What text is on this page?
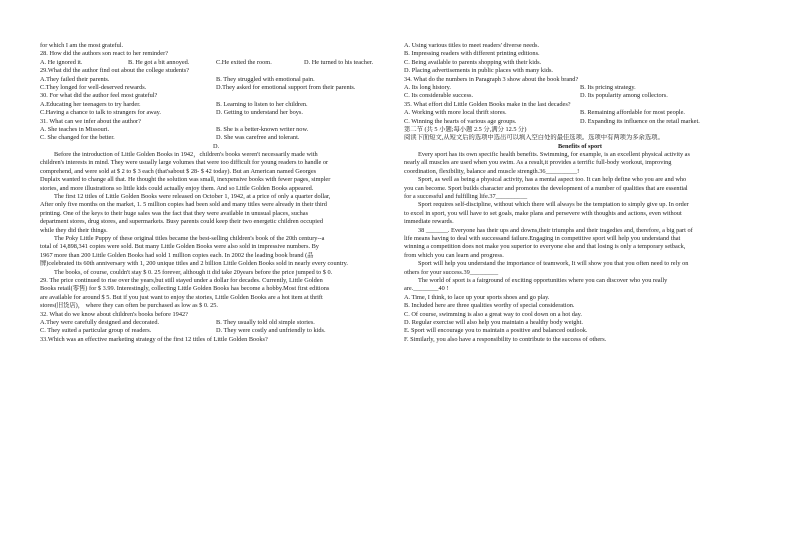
for which I am the most grateful.
28. How did the authors son react to her reminder?
A. He ignored it.	B. He got a bit annoyed.	C.He exited the room.	D. He turned to his teacher.
29.What did the author find out about the college students?
A.They failed their parents.	B. They struggled with emotional pain.
C.They longed for well-deserved rewards.	D.They asked for emotional support from their parents.
30. For what did the author feel most grateful?
A.Educating her teenagers to try harder.	B. Learning to listen to her children.
C.Having a chance to talk to strangers for away.	D. Getting to understand her boys.
31. What can we infer about the author?
A. She teaches in Missouri.	B. She is a better-known writer now.
C. She changed for the better.	D. She was carefree and tolerant.
D.
Before the introduction of Little Golden Books in 1942，children's books weren't necessarily made with
children's interests in mind. They were usually large volumes that were too difficult for young readers to handle or
comprehend, and were sold at $ 2 to $ 3 each (that'sabout $ 28- $ 42 today). But an American named Georges
Duplaix wanted to change all that. He thought the solution was small, inexpensive books with fewer pages, simpler
stories, and more illustrations so little kids could actually enjoy them. And so Little Golden Books appeared.
The first 12 titles of Little Golden Books were released on October 1, 1942, at a price of only a quarter dollar,
After only five months on the market, 1. 5 million copies had been sold and many titles were already in their third
printing. One of the keys to their huge sales was the fact that they were available in unusual places, suchas
department stores, drug stores, and supermarkets. Busy parents could keep their two energetic children occupied
while they did their things.
The Poky Little Puppy of these original titles became the best-selling children's book of the 20th century--a
total of 14,898,341 copies were sold. But many Little Golden Books were also sold in impressive numbers. By
1967 more than 200 Little Golden Books had sold 1 million copies each. In 2002 the leading book brand (品
牌)celebrated its 60th anniversary with 1, 200 unique titles and 2 billion Little Golden Books sold in nearly every country.
The books, of course, couldn't stay $ 0. 25 forever, although it did take 20years before the price jumped to $ 0.
29. The price continued to rise over the years,but still stayed under a dollar for decades. Currently, Little Golden
Books retail(零售) for $ 3.99. Interestingly, collecting Little Golden Books has become a hobby.Most first editions
are available for around $ 5. But if you just want to enjoy the stories, Little Golden Books are a hot item at thrift
stores(旧货店)， where they can often be purchased as low as $ 0. 25.
32. What do we know about children's books before 1942?
A.They were carefully designed and decorated.	B. They usually told old simple stories.
C. They suited a particular group of readers.	D. They were costly and unfriendly to kids.
33.Which was an effective marketing strategy of the first 12 titles of Little Golden Books?
A. Using various titles to meet readers' diverse needs.
B. Impressing readers with different printing editions.
C. Being available to parents shopping with their kids.
D. Placing advertisements in public places with many kids.
34. What do the numbers in Paragraph 3 show about the book brand?
A. Its long history.	B. Its pricing strategy.
C. Its considerable success.	D. Its popularity among collectors.
35. What effort did Little Golden Books make in the last decades?
A. Working with more local thrift stores.	B. Remaining affordable for most people.
C. Winning the hearts of various age groups.	D. Expanding its influence on the retail market.
第二节 (共 5 小题;每小题 2.5 分,满分 12.5 分)
阅读下面短文,从短文后的选项中选出可以填入空白处的最佳选项。选项中有两项为多余选项。
Benefits of sport
Every sport has its own specific health benefits. Swimming, for example, is an excellent physical activity as
nearly all muscles are used when you swim. As a result,it provides a terrific full-body workout, improving
coordination, flexibility, balance and muscle strength.36__________!
Sport, as well as being a physical activity, has a mental aspect too. It can help define who you are and who
you can become. Sport builds character and promotes the development of a number of qualities that are essential
for a successful and fulfilling life.37__________
Sport requires self-discipline, without which there will always be the temptation to simply give up. In order
to excel in sport, you will have to set goals, make plans and persevere with thoughts and actions, even without
immediate rewards.
38 _______. Everyone has their ups and downs,their triumphs and their tragedies and, therefore, a big part of
life means having to deal with successand failure.Engaging in competitive sport will help you understand that
winning a competition does not make you superior to everyone else and that losing is only a temporary setback,
from which you can learn and progress.
Sport will help you understand the importance of teamwork, It will show you that you often need to rely on
others for your success.39_________
The world of sport is a fairground of exciting opportunities where you can discover who you really
are.________40 !
A. Time, I think, to lace up your sports shoes and go play.
B. Included here are three qualities worthy of special consideration.
C. Of course, swimming is also a great way to cool down on a hot day.
D. Regular exercise will also help you maintain a healthy body weight.
E. Sport will encourage you to maintain a positive and balanced outlook.
F. Similarly, you also have a responsibility to contribute to the success of others.
